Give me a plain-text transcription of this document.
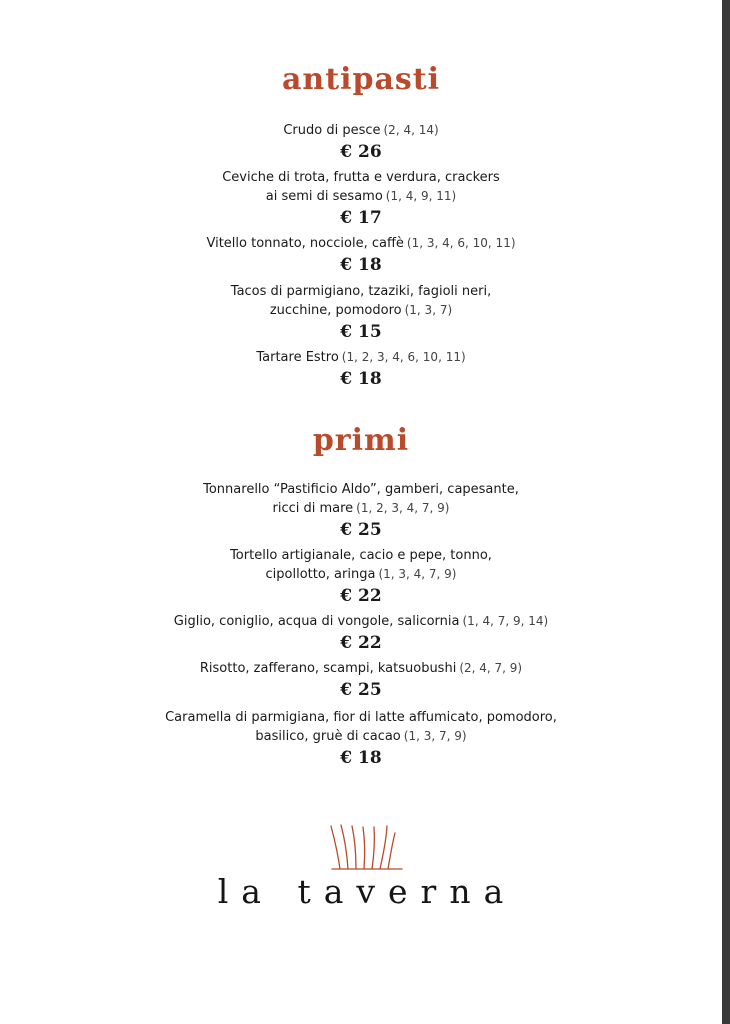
antipasti
Crudo di pesce (2, 4, 14)
€ 26
Ceviche di trota, frutta e verdura, crackers
ai semi di sesamo (1, 4, 9, 11)
€ 17
Vitello tonnato, nocciole, caffè (1, 3, 4, 6, 10, 11)
€ 18
Tacos di parmigiano, tzaziki, fagioli neri,
zucchine, pomodoro (1, 3, 7)
€ 15
Tartare Estro (1, 2, 3, 4, 6, 10, 11)
€ 18
primi
Tonnarello “Pastificio Aldo”, gamberi, capesante,
ricci di mare (1, 2, 3, 4, 7, 9)
€ 25
Tortello artigianale, cacio e pepe, tonno,
cipollotto, aringa (1, 3, 4, 7, 9)
€ 22
Giglio, coniglio, acqua di vongole, salicornia (1, 4, 7, 9, 14)
€ 22
Risotto, zafferano, scampi, katsuobushi (2, 4, 7, 9)
€ 25
Caramella di parmigiana, fior di latte affumicato, pomodoro,
basilico, gruè di cacao (1, 3, 7, 9)
€ 18
la taverna
